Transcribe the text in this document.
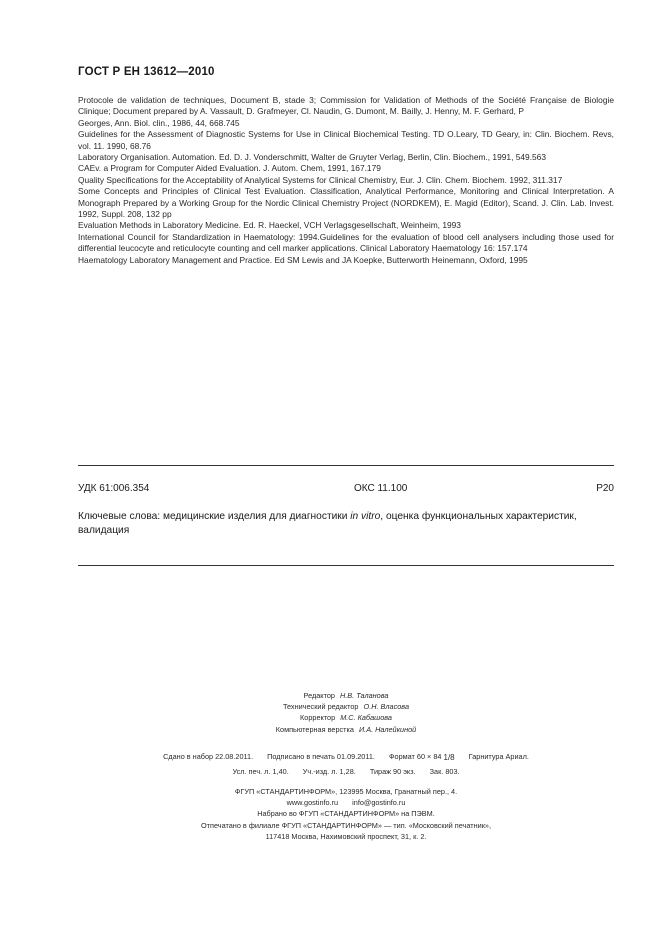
ГОСТ Р ЕН 13612—2010

Protocole de validation de techniques, Document B, stade 3; Commission for Validation of Methods of the Société Française de Biologie Clinique; Document prepared by A. Vassault, D. Grafmeyer, Cl. Naudin, G. Dumont, M. Bailly, J. Henny, M. F. Gerhard, P

Georges, Ann. Biol. clin., 1986, 44, 668.745

Guidelines for the Assessment of Diagnostic Systems for Use in Clinical Biochemical Testing. TD O.Leary, TD Geary, in: Clin. Biochem. Revs, vol. 11. 1990, 68.76

Laboratory Organisation. Automation. Ed. D. J. Vonderschmitt, Walter de Gruyter Verlag, Berlin, Clin. Biochem., 1991, 549.563

CAEv. a Program for Computer Aided Evaluation. J. Autom. Chem, 1991, 167.179

Quality Specifications for the Acceptability of Analytical Systems for Clinical Chemistry, Eur. J. Clin. Chem. Biochem. 1992, 311.317

Some Concepts and Principles of Clinical Test Evaluation. Classification, Analytical Performance, Monitoring and Clinical Interpretation. A Monograph Prepared by a Working Group for the Nordic Clinical Chemistry Project (NORDKEM), E. Magid (Editor), Scand. J. Clin. Lab. Invest. 1992, Suppl. 208, 132 pp

Evaluation Methods in Laboratory Medicine. Ed. R. Haeckel, VCH Verlagsgesellschaft, Weinheim, 1993

International Council for Standardization in Haematology: 1994.Guidelines for the evaluation of blood cell analysers including those used for differential leucocyte and reticulocyte counting and cell marker applications. Clinical Laboratory Haematology 16: 157.174

Haematology Laboratory Management and Practice. Ed SM Lewis and JA Koepke, Butterworth Heinemann, Oxford, 1995

УДК 61:006.354	ОКС 11.100	P20
Ключевые слова: медицинские изделия для диагностики in vitro, оценка функциональных характеристик, валидация
Редактор Н.В. Таланова
Технический редактор О.Н. Власова
Корректор М.С. Кабашова
Компьютерная верстка И.А. Налейкиной
Сдано в набор 22.08.2011. Подписано в печать 01.09.2011. Формат 60 × 84 1/8 Гарнитура Ариал.
Усл. печ. л. 1,40. Уч.-изд. л. 1,28. Тираж 90 экз. Зак. 803.
ФГУП «СТАНДАРТИНФОРМ», 123995 Москва, Гранатный пер., 4.
www.gostinfo.ru info@gostinfo.ru
Набрано во ФГУП «СТАНДАРТИНФОРМ» на ПЭВМ.
Отпечатано в филиале ФГУП «СТАНДАРТИНФОРМ» — тип. «Московский печатник»,
117418 Москва, Нахимовский проспект, 31, к. 2.
